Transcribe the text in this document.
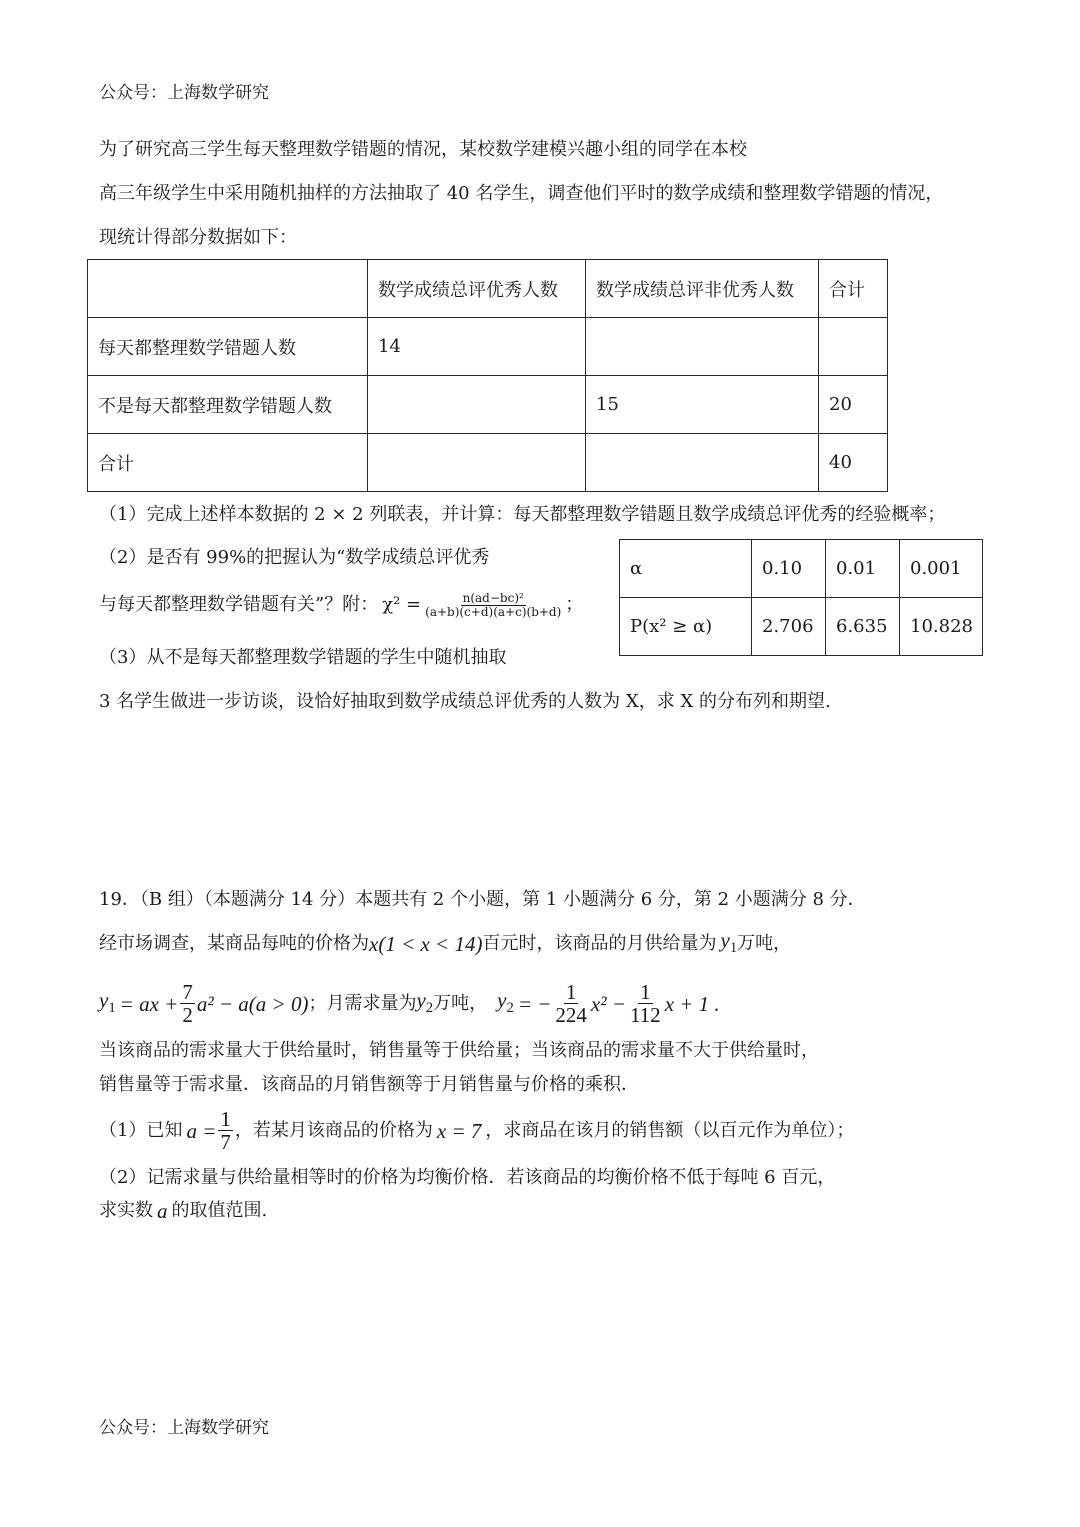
公众号：上海数学研究
为了研究高三学生每天整理数学错题的情况，某校数学建模兴趣小组的同学在本校
高三年级学生中采用随机抽样的方法抽取了 40 名学生，调查他们平时的数学成绩和整理数学错题的情况，
现统计得部分数据如下：
	数学成绩总评优秀人数	数学成绩总评非优秀人数	合计
每天都整理数学错题人数	14		
不是每天都整理数学错题人数		15	20
合计			40
（1）完成上述样本数据的 2 × 2 列联表，并计算：每天都整理数学错题且数学成绩总评优秀的经验概率；
（2）是否有 99%的把握认为“数学成绩总评优秀
与每天都整理数学错题有关”？附： $\chi^2 = \frac{\text{n(ad−bc)²}}{(a+b)(c+d)(a+c)(b+d)}$ ；
（3）从不是每天都整理数学错题的学生中随机抽取
3 名学生做进一步访谈，设恰好抽取到数学成绩总评优秀的人数为 X，求 X 的分布列和期望.
α	0.10	0.01	0.001
P(x² ≥ α)	2.706	6.635	10.828
19．（B 组）（本题满分 14 分）本题共有 2 个小题，第 1 小题满分 6 分，第 2 小题满分 8 分．
经市场调查，某商品每吨的价格为 x(1 < x < 14) 百元时，该商品的月供给量为 $y_1$ 万吨，
$y_1$ = ax + $\frac{7}{2} a^2 - a(a > 0)$ ；月需求量为 $y_2$ 万吨， $y_2$ = − $\frac{1}{224} x^2 - \frac{1}{112}$ x + 1 .
当该商品的需求量大于供给量时，销售量等于供给量；当该商品的需求量不大于供给量时，
销售量等于需求量．该商品的月销售额等于月销售量与价格的乘积．
（1）已知 $a = \frac{1}{7}$ ，若某月该商品的价格为 x = 7 ，求商品在该月的销售额（以百元作为单位）；
（2）记需求量与供给量相等时的价格为均衡价格．若该商品的均衡价格不低于每吨 6 百元，
求实数 a 的取值范围.
公众号：上海数学研究
